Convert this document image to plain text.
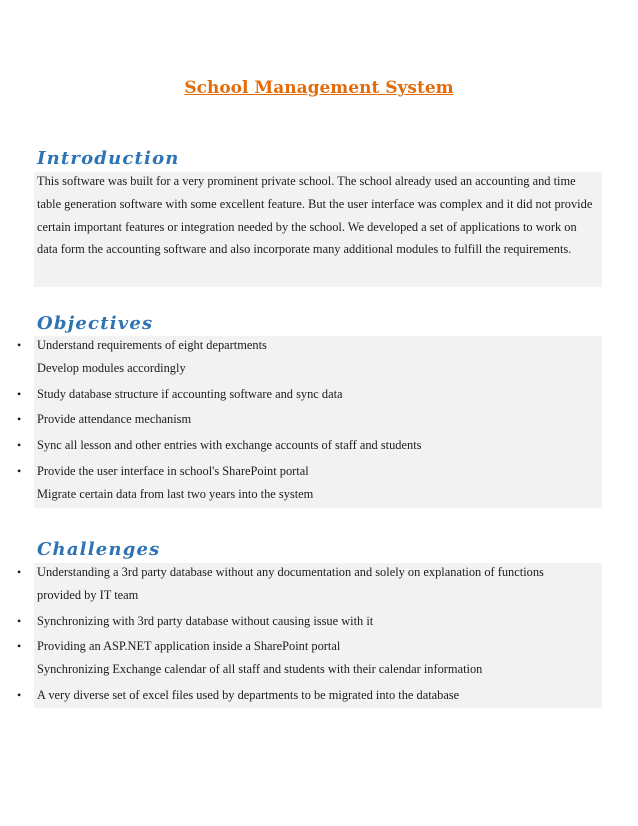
School Management System
Introduction
This software was built for a very prominent private school. The school already used an accounting and time table generation software with some excellent feature. But the user interface was complex and it did not provide certain important features or integration needed by the school. We developed a set of applications to work on data form the accounting software and also incorporate many additional modules to fulfill the requirements.
Objectives
• Understand requirements of eight departments
Develop modules accordingly
• Study database structure if accounting software and sync data
• Provide attendance mechanism
• Sync all lesson and other entries with exchange accounts of staff and students
• Provide the user interface in school's SharePoint portal
Migrate certain data from last two years into the system
Challenges
• Understanding a 3rd party database without any documentation and solely on explanation of functions
provided by IT team
• Synchronizing with 3rd party database without causing issue with it
• Providing an ASP.NET application inside a SharePoint portal
Synchronizing Exchange calendar of all staff and students with their calendar information
• A very diverse set of excel files used by departments to be migrated into the database
